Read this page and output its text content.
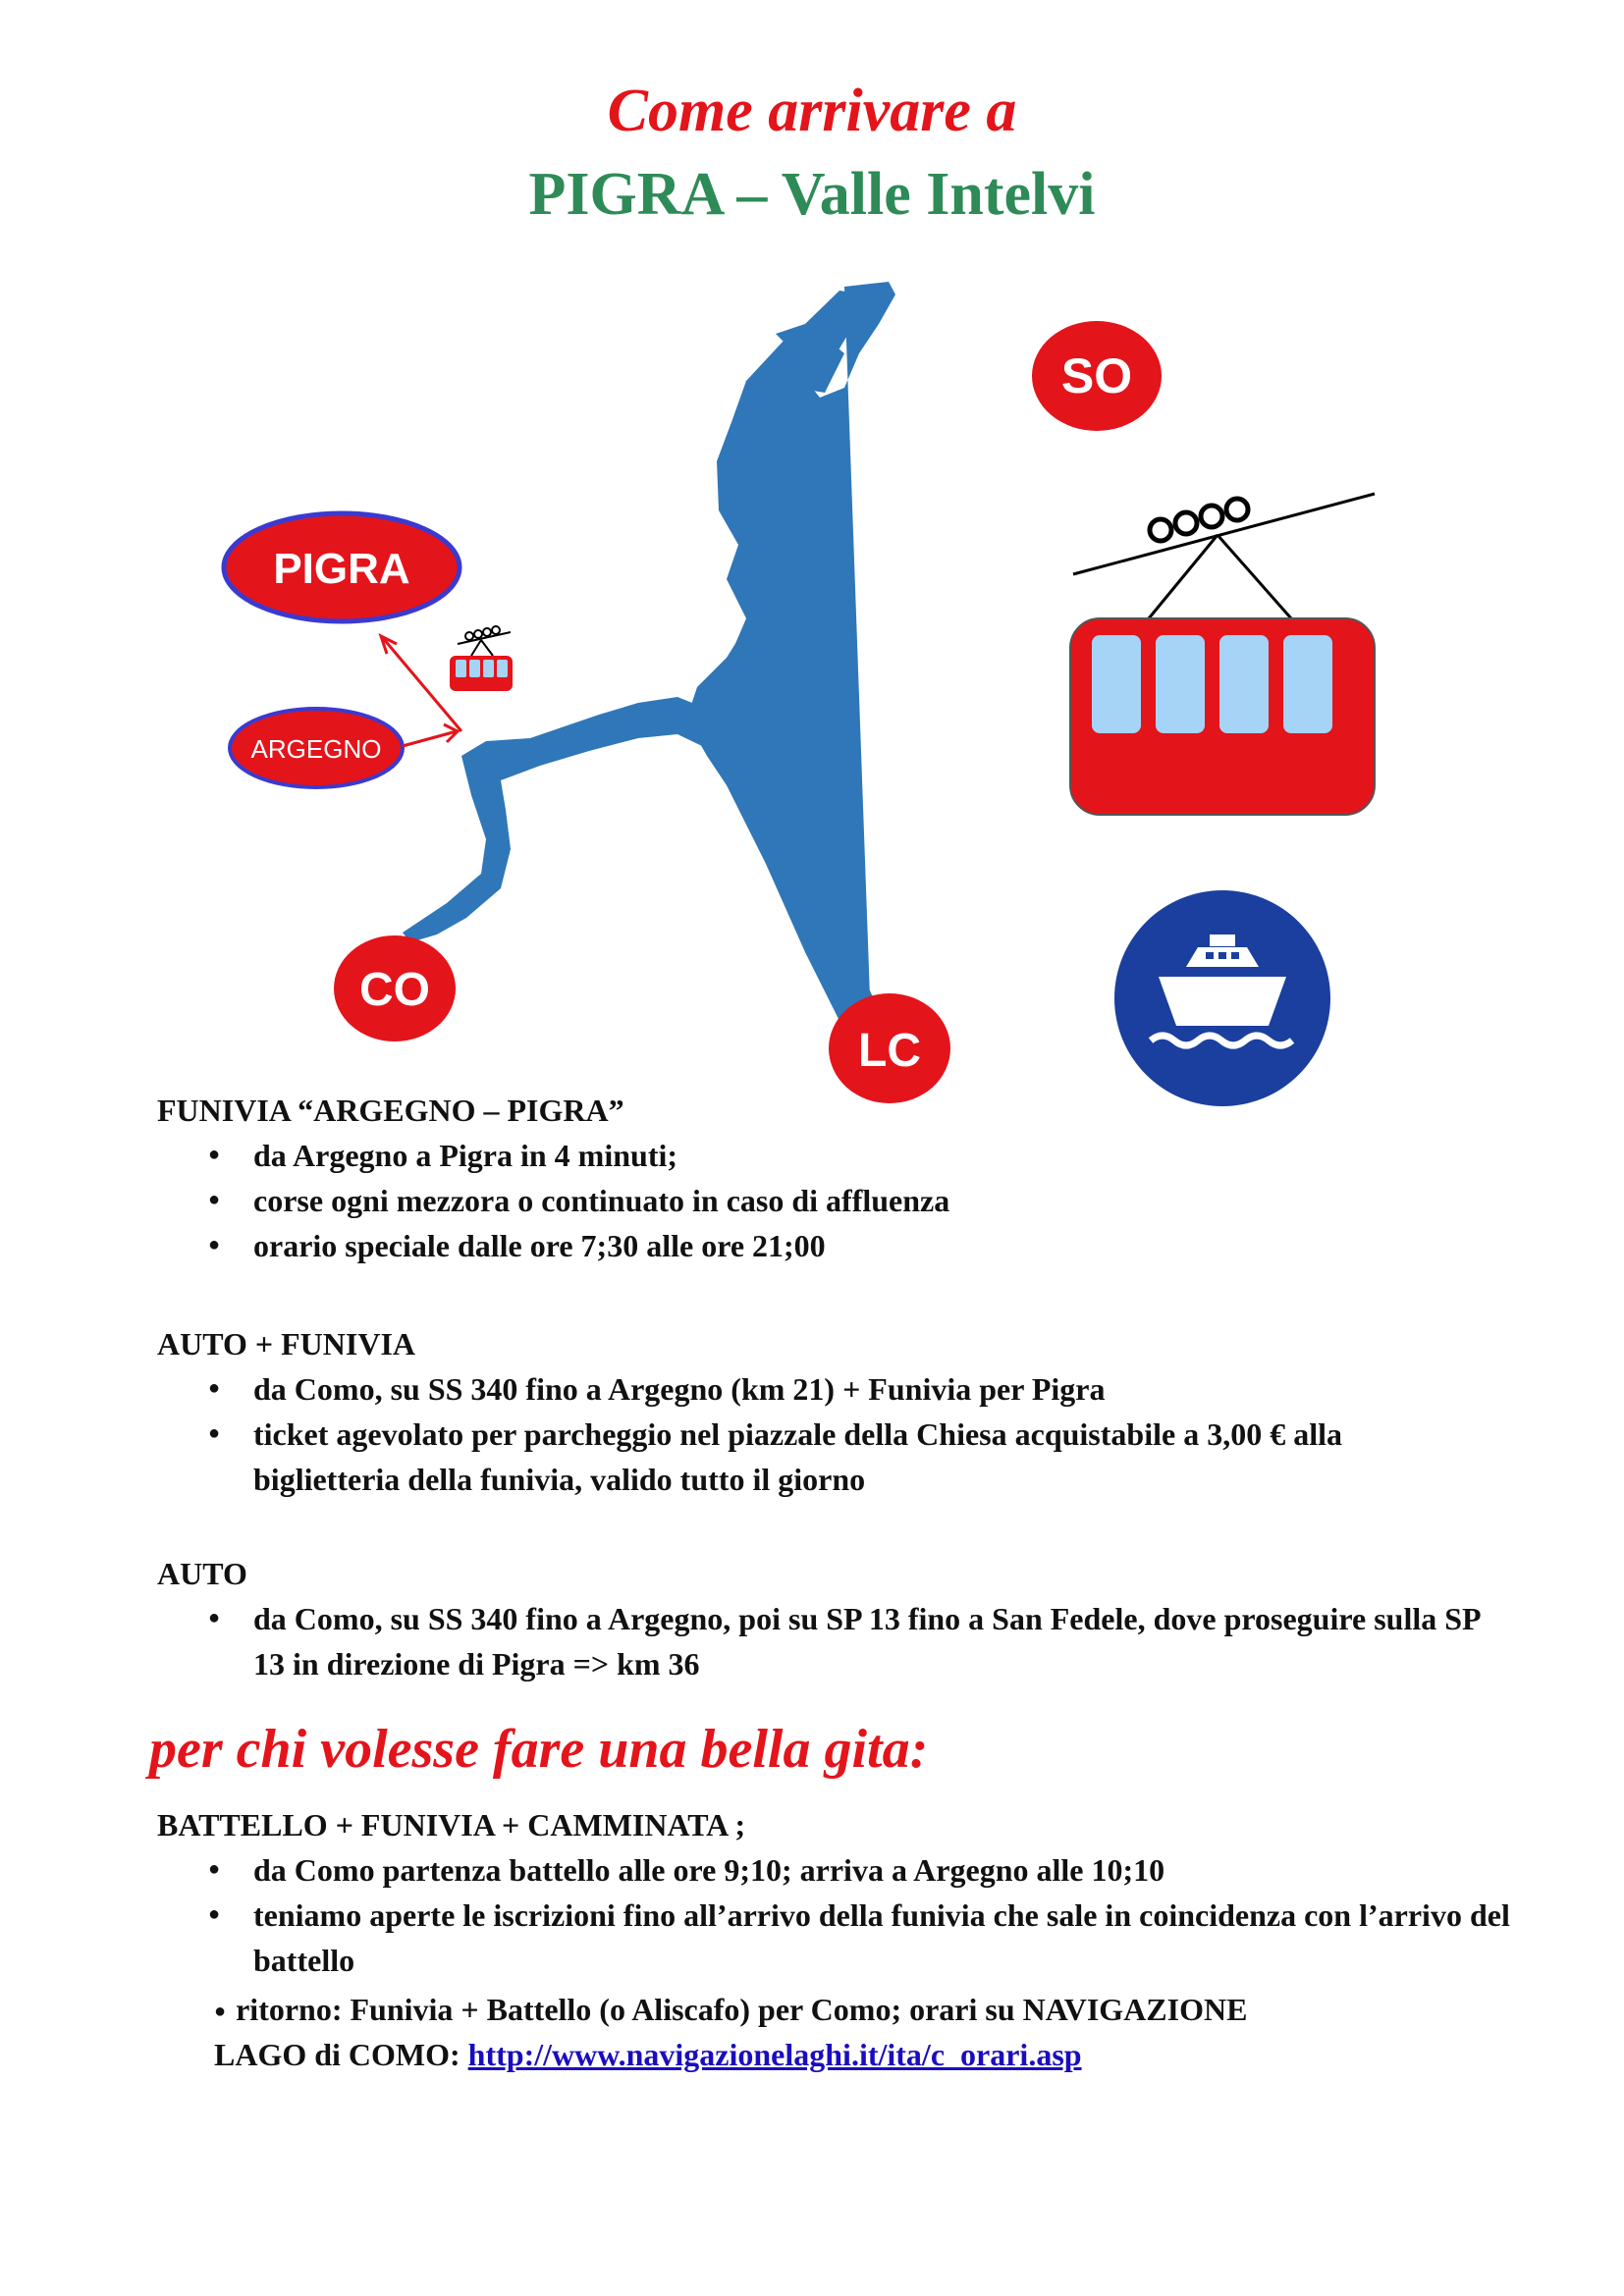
Come arrivare a
PIGRA – Valle Intelvi
SO
PIGRA
ARGEGNO
CO
LC
FUNIVIA “ARGEGNO – PIGRA”
● da Argegno a Pigra in 4 minuti;
● corse ogni mezzora o continuato in caso di affluenza
● orario speciale dalle ore 7;30 alle ore 21;00
AUTO + FUNIVIA
● da Como, su SS 340 fino a Argegno (km 21) + Funivia per Pigra
● ticket agevolato per parcheggio nel piazzale della Chiesa acquistabile a 3,00 € alla biglietteria della funivia, valido tutto il giorno
AUTO
● da Como, su SS 340 fino a Argegno, poi su SP 13 fino a San Fedele, dove proseguire sulla SP 13 in direzione di Pigra => km 36
per chi volesse fare una bella gita:
BATTELLO + FUNIVIA + CAMMINATA ;
● da Como partenza battello alle ore 9;10; arriva a Argegno alle 10;10
● teniamo aperte le iscrizioni fino all’arrivo della funivia che sale in coincidenza con l’arrivo del battello
● ritorno: Funivia + Battello (o Aliscafo) per Como; orari su NAVIGAZIONE
LAGO di COMO: http://www.navigazionelaghi.it/ita/c_orari.asp
